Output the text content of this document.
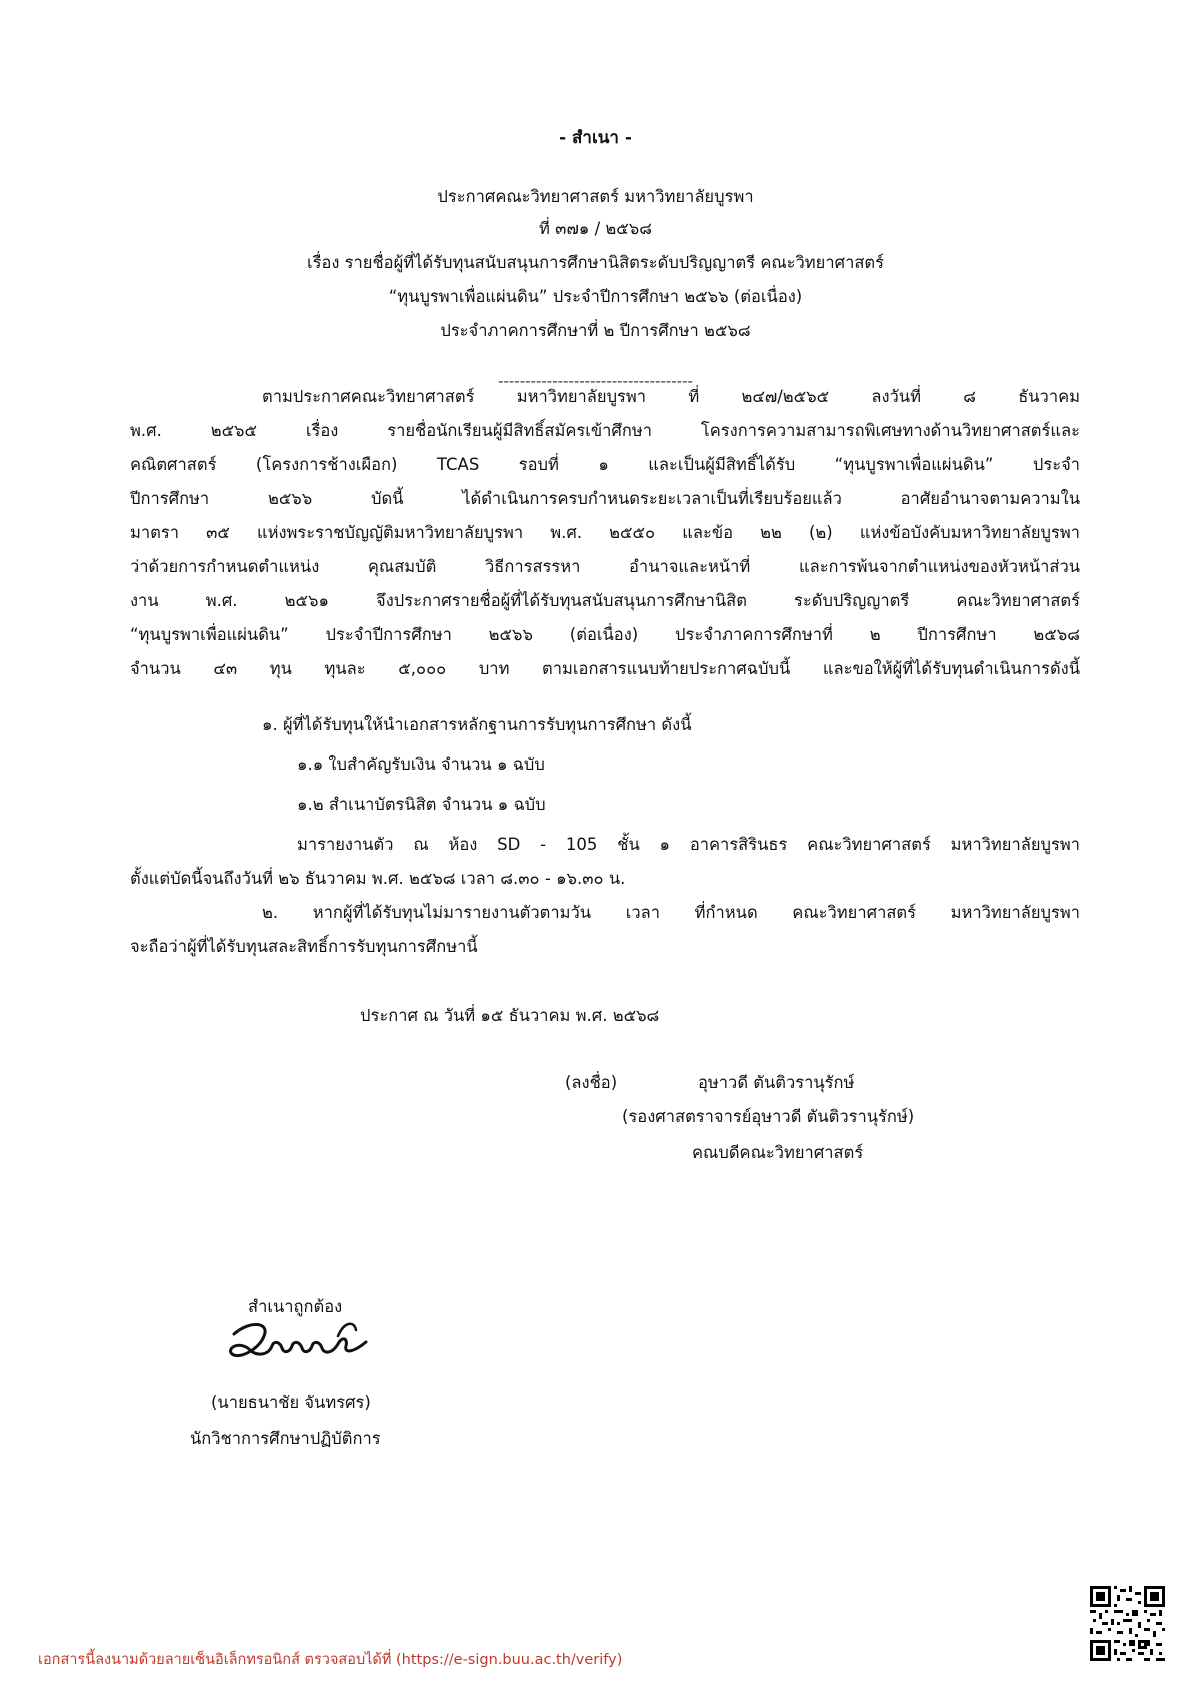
- สำเนา -
ประกาศคณะวิทยาศาสตร์ มหาวิทยาลัยบูรพา
ที่ ๓๗๑ / ๒๕๖๘
เรื่อง รายชื่อผู้ที่ได้รับทุนสนับสนุนการศึกษานิสิตระดับปริญญาตรี คณะวิทยาศาสตร์
“ทุนบูรพาเพื่อแผ่นดิน” ประจำปีการศึกษา ๒๕๖๖ (ต่อเนื่อง)
ประจำภาคการศึกษาที่ ๒ ปีการศึกษา ๒๕๖๘
------------------------------------
ตามประกาศคณะวิทยาศาสตร์ มหาวิทยาลัยบูรพา ที่ ๒๔๗/๒๕๖๕ ลงวันที่ ๘ ธันวาคม
พ.ศ. ๒๕๖๕ เรื่อง รายชื่อนักเรียนผู้มีสิทธิ์สมัครเข้าศึกษา โครงการความสามารถพิเศษทางด้านวิทยาศาสตร์และ
คณิตศาสตร์ (โครงการช้างเผือก) TCAS รอบที่ ๑ และเป็นผู้มีสิทธิ์ได้รับ “ทุนบูรพาเพื่อแผ่นดิน” ประจำ
ปีการศึกษา ๒๕๖๖ บัดนี้ ได้ดำเนินการครบกำหนดระยะเวลาเป็นที่เรียบร้อยแล้ว อาศัยอำนาจตามความใน
มาตรา ๓๕ แห่งพระราชบัญญัติมหาวิทยาลัยบูรพา พ.ศ. ๒๕๕๐ และข้อ ๒๒ (๒) แห่งข้อบังคับมหาวิทยาลัยบูรพา
ว่าด้วยการกำหนดตำแหน่ง คุณสมบัติ วิธีการสรรหา อำนาจและหน้าที่ และการพ้นจากตำแหน่งของหัวหน้าส่วน
งาน พ.ศ. ๒๕๖๑ จึงประกาศรายชื่อผู้ที่ได้รับทุนสนับสนุนการศึกษานิสิต ระดับปริญญาตรี คณะวิทยาศาสตร์
“ทุนบูรพาเพื่อแผ่นดิน” ประจำปีการศึกษา ๒๕๖๖ (ต่อเนื่อง) ประจำภาคการศึกษาที่ ๒ ปีการศึกษา ๒๕๖๘
จำนวน ๔๓ ทุน ทุนละ ๕,๐๐๐ บาท ตามเอกสารแนบท้ายประกาศฉบับนี้ และขอให้ผู้ที่ได้รับทุนดำเนินการดังนี้
๑. ผู้ที่ได้รับทุนให้นำเอกสารหลักฐานการรับทุนการศึกษา ดังนี้
๑.๑ ใบสำคัญรับเงิน จำนวน ๑ ฉบับ
๑.๒ สำเนาบัตรนิสิต จำนวน ๑ ฉบับ
มารายงานตัว ณ ห้อง SD - 105 ชั้น ๑ อาคารสิรินธร คณะวิทยาศาสตร์ มหาวิทยาลัยบูรพา
ตั้งแต่บัดนี้จนถึงวันที่ ๒๖ ธันวาคม พ.ศ. ๒๕๖๘ เวลา ๘.๓๐ - ๑๖.๓๐ น.
๒. หากผู้ที่ได้รับทุนไม่มารายงานตัวตามวัน เวลา ที่กำหนด คณะวิทยาศาสตร์ มหาวิทยาลัยบูรพา
จะถือว่าผู้ที่ได้รับทุนสละสิทธิ์การรับทุนการศึกษานี้
ประกาศ ณ วันที่ ๑๕ ธันวาคม พ.ศ. ๒๕๖๘
(ลงชื่อ)	อุษาวดี ตันติวรานุรักษ์
(รองศาสตราจารย์อุษาวดี ตันติวรานุรักษ์)
คณบดีคณะวิทยาศาสตร์
สำเนาถูกต้อง
(นายธนาชัย จันทรศร)
นักวิชาการศึกษาปฏิบัติการ
เอกสารนี้ลงนามด้วยลายเซ็นอิเล็กทรอนิกส์ ตรวจสอบได้ที่ (https://e-sign.buu.ac.th/verify)
